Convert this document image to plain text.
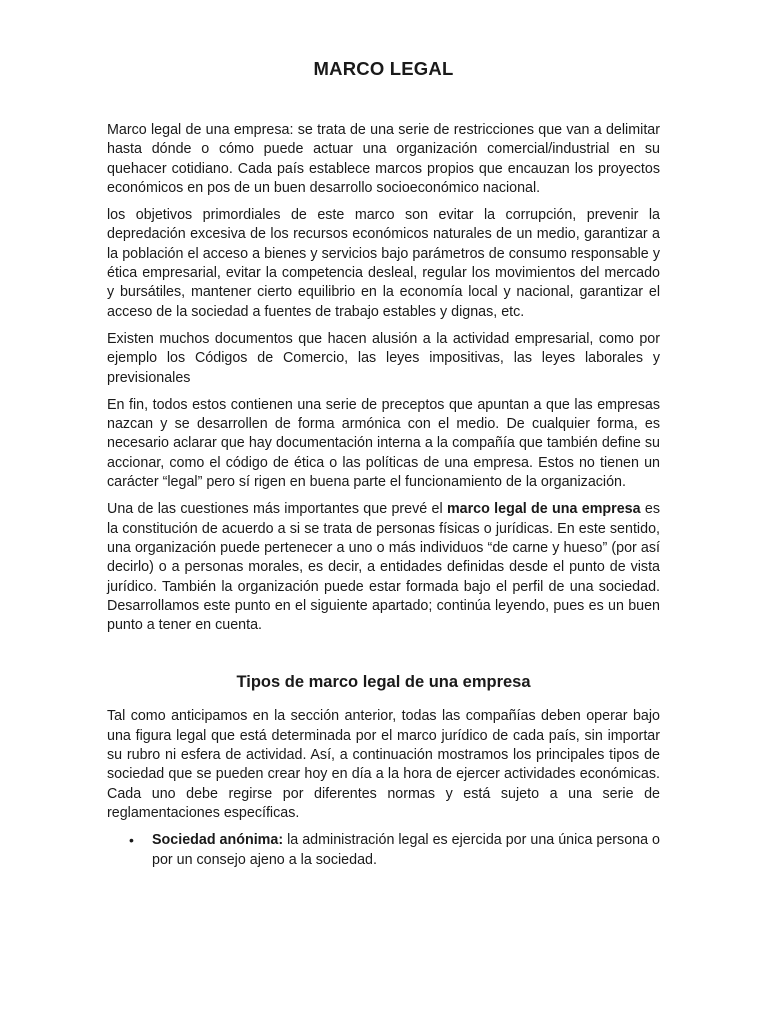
MARCO LEGAL

Marco legal de una empresa: se trata de una serie de restricciones que van a delimitar hasta dónde o cómo puede actuar una organización comercial/industrial en su quehacer cotidiano. Cada país establece marcos propios que encauzan los proyectos económicos en pos de un buen desarrollo socioeconómico nacional.

los objetivos primordiales de este marco son evitar la corrupción, prevenir la depredación excesiva de los recursos económicos naturales de un medio, garantizar a la población el acceso a bienes y servicios bajo parámetros de consumo responsable y ética empresarial, evitar la competencia desleal, regular los movimientos del mercado y bursátiles, mantener cierto equilibrio en la economía local y nacional, garantizar el acceso de la sociedad a fuentes de trabajo estables y dignas, etc.

Existen muchos documentos que hacen alusión a la actividad empresarial, como por ejemplo los Códigos de Comercio, las leyes impositivas, las leyes laborales y previsionales

En fin, todos estos contienen una serie de preceptos que apuntan a que las empresas nazcan y se desarrollen de forma armónica con el medio. De cualquier forma, es necesario aclarar que hay documentación interna a la compañía que también define su accionar, como el código de ética o las políticas de una empresa. Estos no tienen un carácter “legal” pero sí rigen en buena parte el funcionamiento de la organización.

Una de las cuestiones más importantes que prevé el marco legal de una empresa es la constitución de acuerdo a si se trata de personas físicas o jurídicas. En este sentido, una organización puede pertenecer a uno o más individuos “de carne y hueso” (por así decirlo) o a personas morales, es decir, a entidades definidas desde el punto de vista jurídico. También la organización puede estar formada bajo el perfil de una sociedad. Desarrollamos este punto en el siguiente apartado; continúa leyendo, pues es un buen punto a tener en cuenta.

Tipos de marco legal de una empresa

Tal como anticipamos en la sección anterior, todas las compañías deben operar bajo una figura legal que está determinada por el marco jurídico de cada país, sin importar su rubro ni esfera de actividad. Así, a continuación mostramos los principales tipos de sociedad que se pueden crear hoy en día a la hora de ejercer actividades económicas. Cada uno debe regirse por diferentes normas y está sujeto a una serie de reglamentaciones específicas.

• Sociedad anónima: la administración legal es ejercida por una única persona o por un consejo ajeno a la sociedad.
